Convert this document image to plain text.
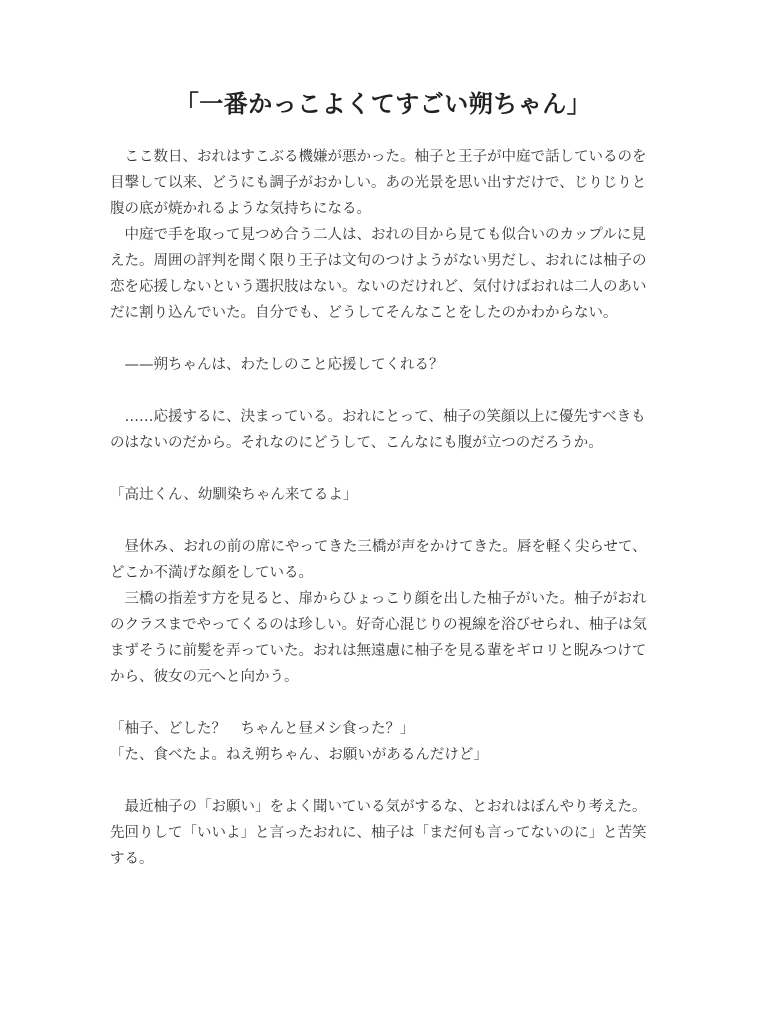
「一番かっこよくてすごい朔ちゃん」

ここ数日、おれはすこぶる機嫌が悪かった。柚子と王子が中庭で話しているのを目撃して以来、どうにも調子がおかしい。あの光景を思い出すだけで、じりじりと腹の底が焼かれるような気持ちになる。

中庭で手を取って見つめ合う二人は、おれの目から見ても似合いのカップルに見えた。周囲の評判を聞く限り王子は文句のつけようがない男だし、おれには柚子の恋を応援しないという選択肢はない。ないのだけれど、気付けばおれは二人のあいだに割り込んでいた。自分でも、どうしてそんなことをしたのかわからない。

——朔ちゃんは、わたしのこと応援してくれる？

……応援するに、決まっている。おれにとって、柚子の笑顔以上に優先すべきものはないのだから。それなのにどうして、こんなにも腹が立つのだろうか。

「高辻くん、幼馴染ちゃん来てるよ」

昼休み、おれの前の席にやってきた三橋が声をかけてきた。唇を軽く尖らせて、どこか不満げな顔をしている。

三橋の指差す方を見ると、扉からひょっこり顔を出した柚子がいた。柚子がおれのクラスまでやってくるのは珍しい。好奇心混じりの視線を浴びせられ、柚子は気まずそうに前髪を弄っていた。おれは無遠慮に柚子を見る輩をギロリと睨みつけてから、彼女の元へと向かう。

「柚子、どした？　ちゃんと昼メシ食った？」

「た、食べたよ。ねえ朔ちゃん、お願いがあるんだけど」

最近柚子の「お願い」をよく聞いている気がするな、とおれはぼんやり考えた。先回りして「いいよ」と言ったおれに、柚子は「まだ何も言ってないのに」と苦笑する。
